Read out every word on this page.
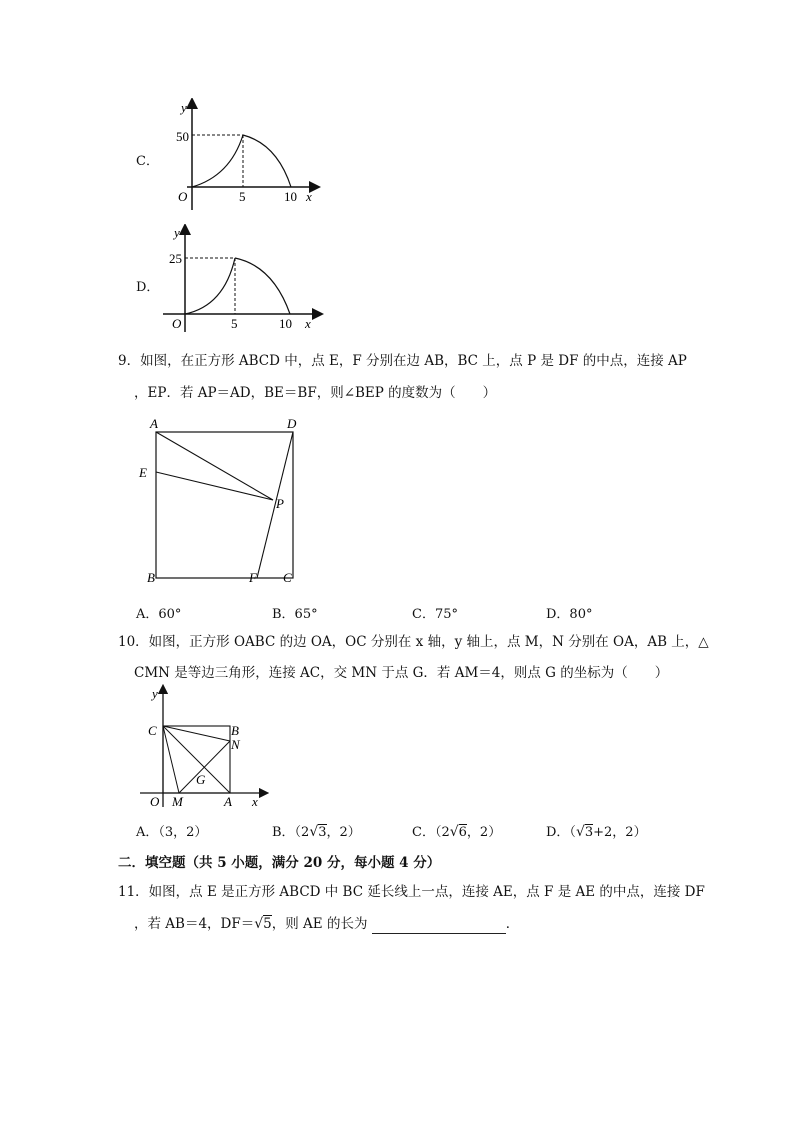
C．
y
x
O
50
5	10
D．
y
x
O
25
5	10
9．如图，在正方形 ABCD 中，点 E，F 分别在边 AB，BC 上，点 P 是 DF 的中点，连接 AP
，EP．若 AP＝AD，BE＝BF，则∠BEP 的度数为（　　）
A	D
E
P
B	F C
A．60°	B．65°	C．75°	D．80°
10．如图，正方形 OABC 的边 OA，OC 分别在 x 轴，y 轴上，点 M，N 分别在 OA，AB 上，△
CMN 是等边三角形，连接 AC，交 MN 于点 G．若 AM＝4，则点 G 的坐标为（　　）
y
x
C	B
N
G
O M	A
A．（3，2）	B．（2√3，2）	C．（2√6，2）	D．（√3+2，2）
二．填空题（共 5 小题，满分 20 分，每小题 4 分）
11．如图，点 E 是正方形 ABCD 中 BC 延长线上一点，连接 AE，点 F 是 AE 的中点，连接 DF
，若 AB＝4，DF＝√5，则 AE 的长为	．
